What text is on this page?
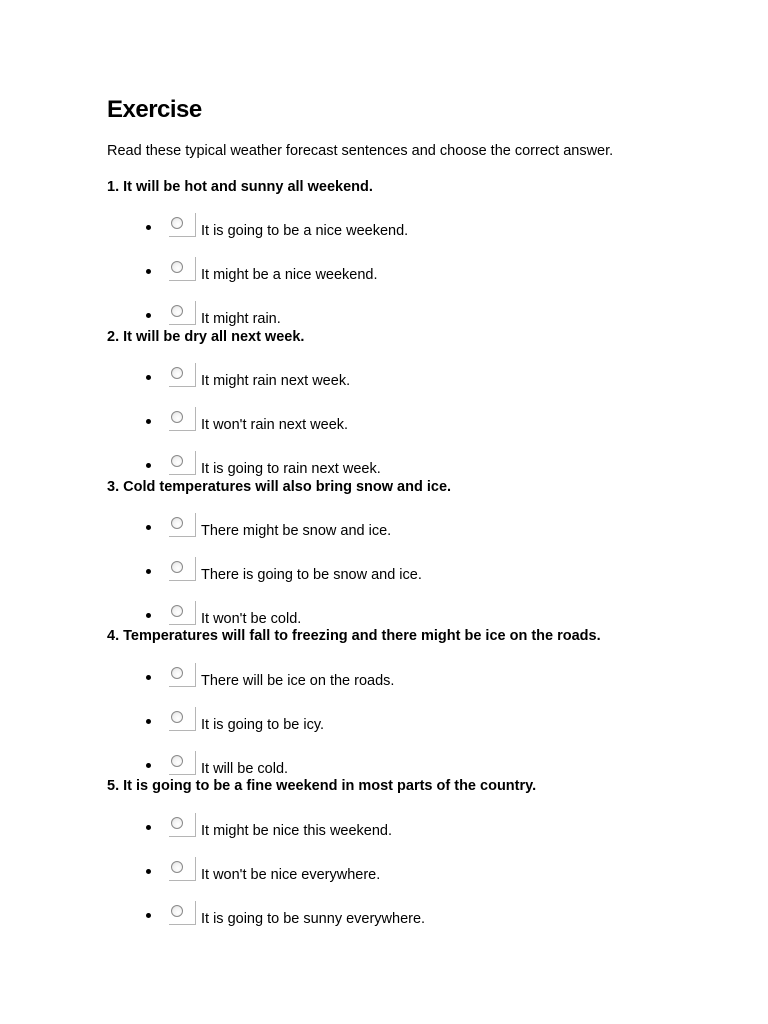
Exercise

Read these typical weather forecast sentences and choose the correct answer.

1. It will be hot and sunny all weekend.
It is going to be a nice weekend.
It might be a nice weekend.
It might rain.
2. It will be dry all next week.
It might rain next week.
It won't rain next week.
It is going to rain next week.
3. Cold temperatures will also bring snow and ice.
There might be snow and ice.
There is going to be snow and ice.
It won't be cold.
4. Temperatures will fall to freezing and there might be ice on the roads.
There will be ice on the roads.
It is going to be icy.
It will be cold.
5. It is going to be a fine weekend in most parts of the country.
It might be nice this weekend.
It won't be nice everywhere.
It is going to be sunny everywhere.
